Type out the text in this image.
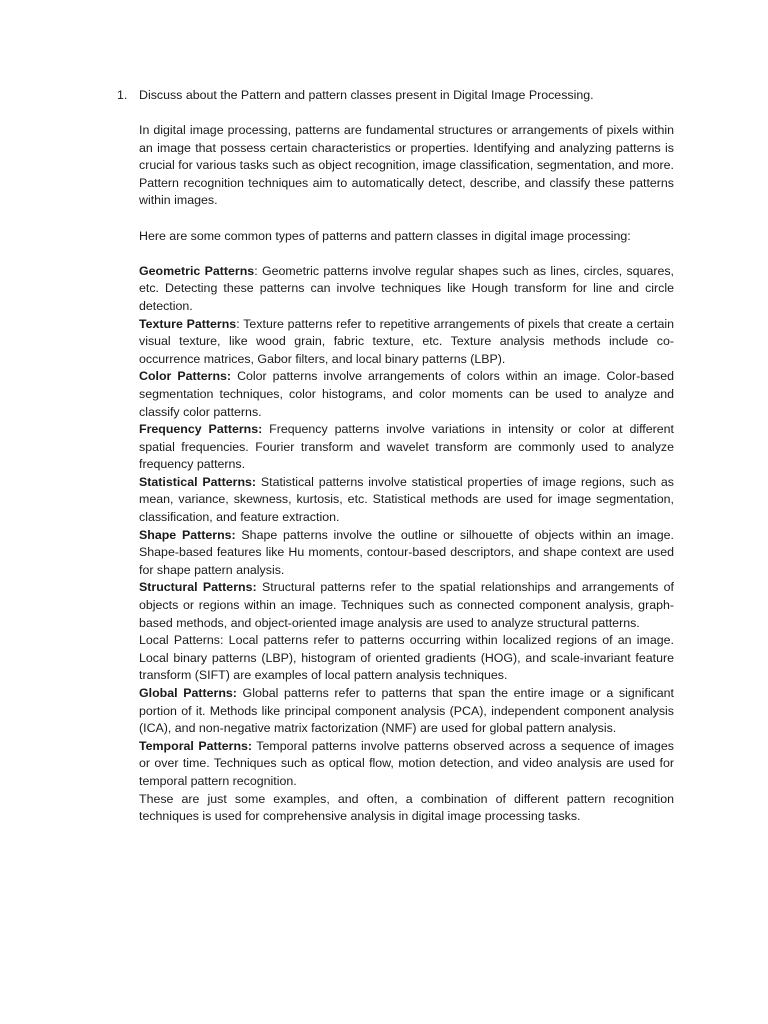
1. Discuss about the Pattern and pattern classes present in Digital Image Processing.

In digital image processing, patterns are fundamental structures or arrangements of pixels within an image that possess certain characteristics or properties. Identifying and analyzing patterns is crucial for various tasks such as object recognition, image classification, segmentation, and more. Pattern recognition techniques aim to automatically detect, describe, and classify these patterns within images.

Here are some common types of patterns and pattern classes in digital image processing:

Geometric Patterns: Geometric patterns involve regular shapes such as lines, circles, squares, etc. Detecting these patterns can involve techniques like Hough transform for line and circle detection.

Texture Patterns: Texture patterns refer to repetitive arrangements of pixels that create a certain visual texture, like wood grain, fabric texture, etc. Texture analysis methods include co-occurrence matrices, Gabor filters, and local binary patterns (LBP).

Color Patterns: Color patterns involve arrangements of colors within an image. Color-based segmentation techniques, color histograms, and color moments can be used to analyze and classify color patterns.

Frequency Patterns: Frequency patterns involve variations in intensity or color at different spatial frequencies. Fourier transform and wavelet transform are commonly used to analyze frequency patterns.

Statistical Patterns: Statistical patterns involve statistical properties of image regions, such as mean, variance, skewness, kurtosis, etc. Statistical methods are used for image segmentation, classification, and feature extraction.

Shape Patterns: Shape patterns involve the outline or silhouette of objects within an image. Shape-based features like Hu moments, contour-based descriptors, and shape context are used for shape pattern analysis.

Structural Patterns: Structural patterns refer to the spatial relationships and arrangements of objects or regions within an image. Techniques such as connected component analysis, graph-based methods, and object-oriented image analysis are used to analyze structural patterns.

Local Patterns: Local patterns refer to patterns occurring within localized regions of an image. Local binary patterns (LBP), histogram of oriented gradients (HOG), and scale-invariant feature transform (SIFT) are examples of local pattern analysis techniques.

Global Patterns: Global patterns refer to patterns that span the entire image or a significant portion of it. Methods like principal component analysis (PCA), independent component analysis (ICA), and non-negative matrix factorization (NMF) are used for global pattern analysis.

Temporal Patterns: Temporal patterns involve patterns observed across a sequence of images or over time. Techniques such as optical flow, motion detection, and video analysis are used for temporal pattern recognition.

These are just some examples, and often, a combination of different pattern recognition techniques is used for comprehensive analysis in digital image processing tasks.
